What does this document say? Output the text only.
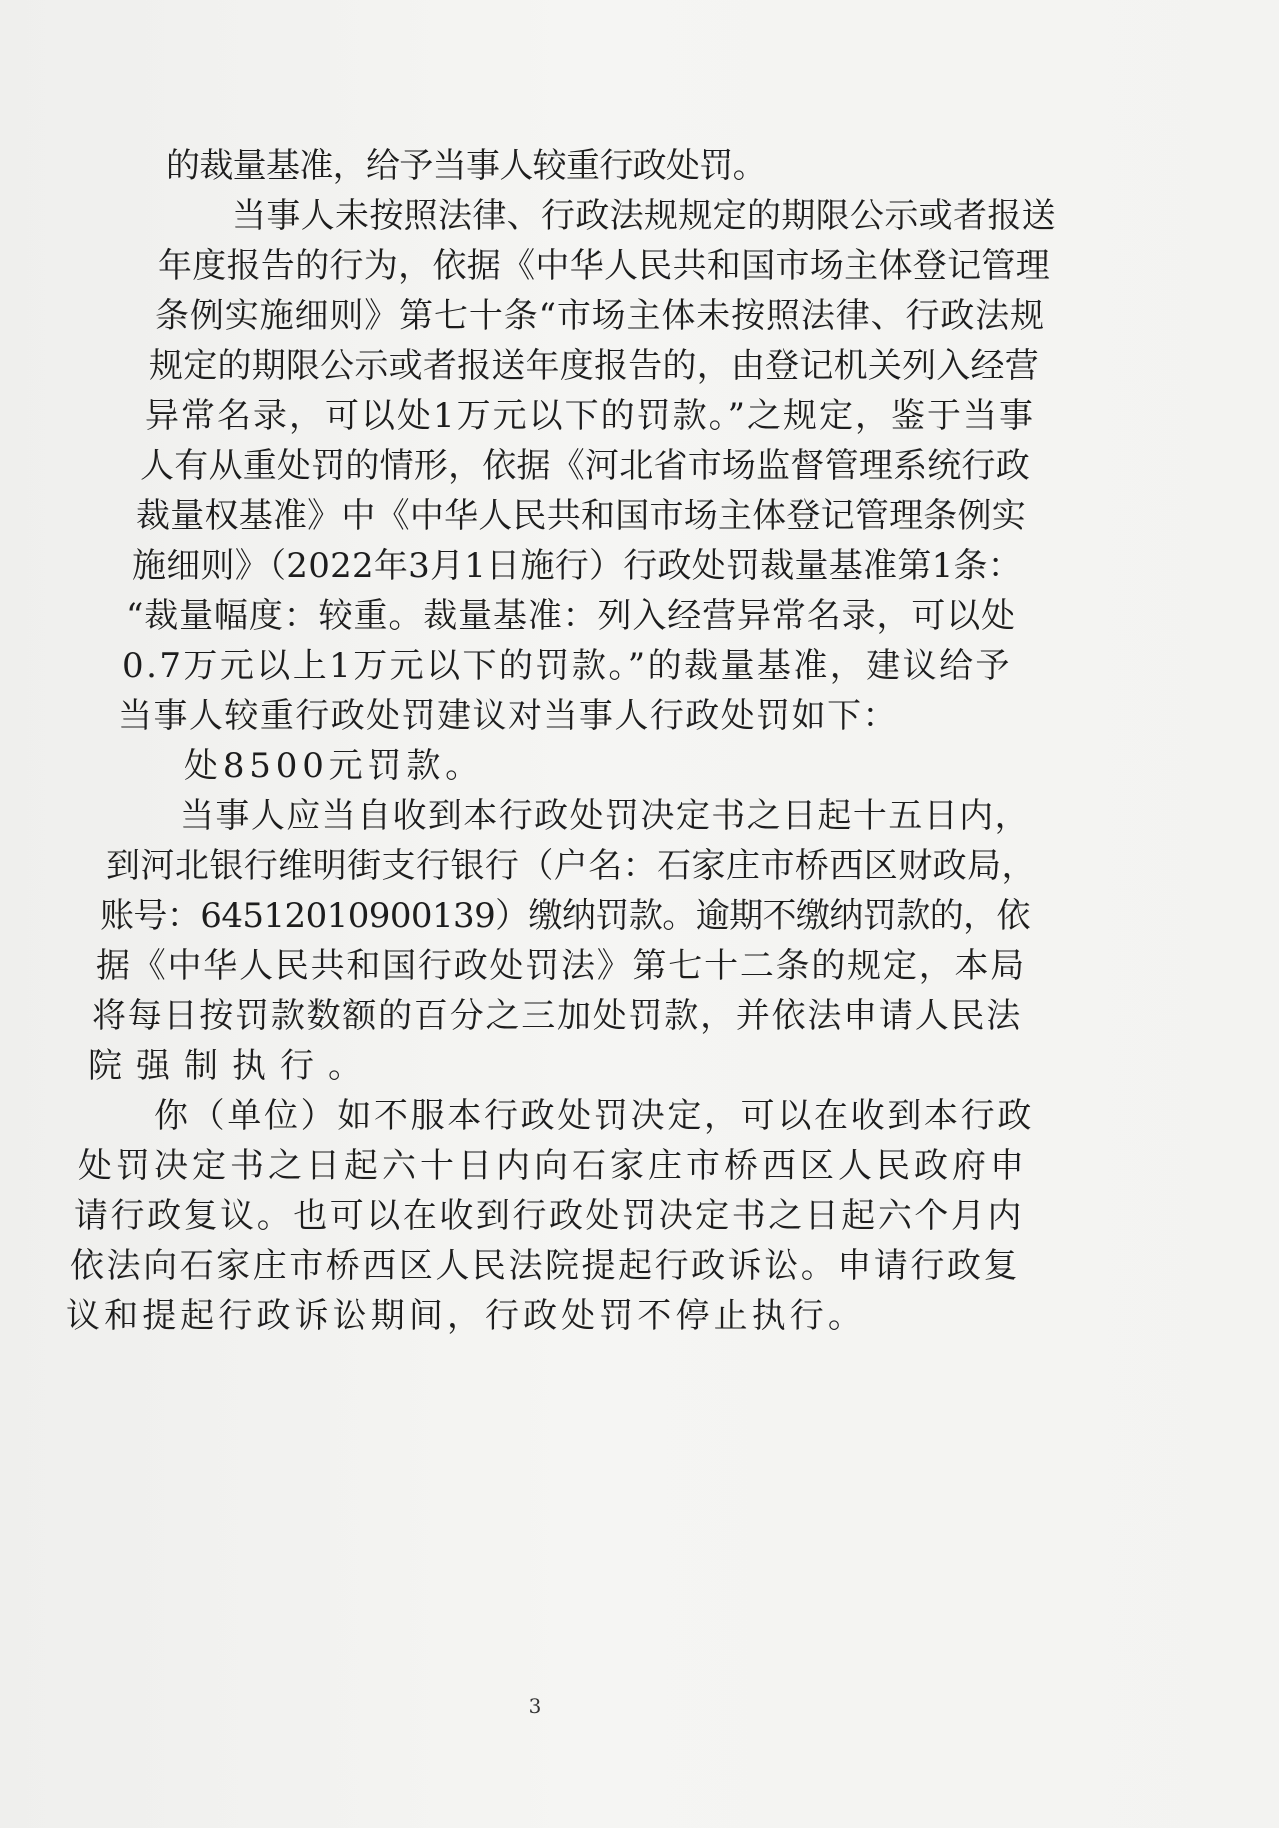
的裁量基准，给予当事人较重行政处罚。
当事人未按照法律、行政法规规定的期限公示或者报送
年度报告的行为，依据《中华人民共和国市场主体登记管理
条例实施细则》第七十条“市场主体未按照法律、行政法规
规定的期限公示或者报送年度报告的，由登记机关列入经营
异常名录，可以处1万元以下的罚款。”之规定，鉴于当事
人有从重处罚的情形，依据《河北省市场监督管理系统行政
裁量权基准》中《中华人民共和国市场主体登记管理条例实
施细则》（2022年3月1日施行）行政处罚裁量基准第1条：
“裁量幅度：较重。裁量基准：列入经营异常名录，可以处
0.7万元以上1万元以下的罚款。”的裁量基准，建议给予
当事人较重行政处罚建议对当事人行政处罚如下：
处8500元罚款。
当事人应当自收到本行政处罚决定书之日起十五日内，
到河北银行维明街支行银行（户名：石家庄市桥西区财政局，
账号：64512010900139）缴纳罚款。逾期不缴纳罚款的，依
据《中华人民共和国行政处罚法》第七十二条的规定，本局
将每日按罚款数额的百分之三加处罚款，并依法申请人民法
院强制执行。
你（单位）如不服本行政处罚决定，可以在收到本行政
处罚决定书之日起六十日内向石家庄市桥西区人民政府申
请行政复议。也可以在收到行政处罚决定书之日起六个月内
依法向石家庄市桥西区人民法院提起行政诉讼。申请行政复
议和提起行政诉讼期间，行政处罚不停止执行。
3
